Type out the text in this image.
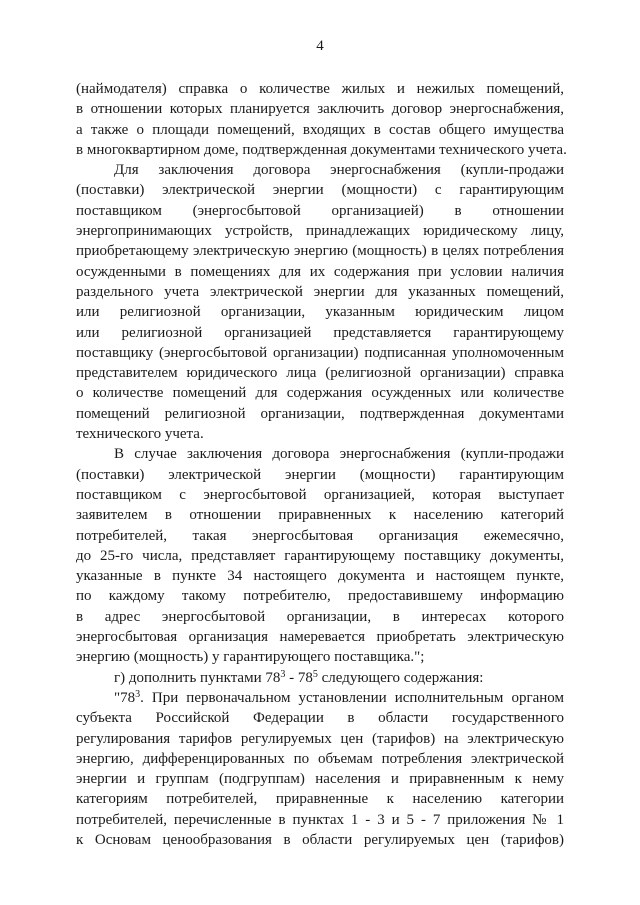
4
(наймодателя) справка о количестве жилых и нежилых помещений,
в отношении которых планируется заключить договор энергоснабжения,
а также о площади помещений, входящих в состав общего имущества
в многоквартирном доме, подтвержденная документами технического учета.
Для заключения договора энергоснабжения (купли-продажи
(поставки) электрической энергии (мощности) с гарантирующим
поставщиком (энергосбытовой организацией) в отношении
энергопринимающих устройств, принадлежащих юридическому лицу,
приобретающему электрическую энергию (мощность) в целях потребления
осужденными в помещениях для их содержания при условии наличия
раздельного учета электрической энергии для указанных помещений,
или религиозной организации, указанным юридическим лицом
или религиозной организацией представляется гарантирующему
поставщику (энергосбытовой организации) подписанная уполномоченным
представителем юридического лица (религиозной организации) справка
о количестве помещений для содержания осужденных или количестве
помещений религиозной организации, подтвержденная документами
технического учета.
В случае заключения договора энергоснабжения (купли-продажи
(поставки) электрической энергии (мощности) гарантирующим
поставщиком с энергосбытовой организацией, которая выступает
заявителем в отношении приравненных к населению категорий
потребителей, такая энергосбытовая организация ежемесячно,
до 25-го числа, представляет гарантирующему поставщику документы,
указанные в пункте 34 настоящего документа и настоящем пункте,
по каждому такому потребителю, предоставившему информацию
в адрес энергосбытовой организации, в интересах которого
энергосбытовая организация намеревается приобретать электрическую
энергию (мощность) у гарантирующего поставщика.";
г) дополнить пунктами $78^3 - 78^5$ следующего содержания:
"$78^3$. При первоначальном установлении исполнительным органом
субъекта Российской Федерации в области государственного
регулирования тарифов регулируемых цен (тарифов) на электрическую
энергию, дифференцированных по объемам потребления электрической
энергии и группам (подгруппам) населения и приравненным к нему
категориям потребителей, приравненные к населению категории
потребителей, перечисленные в пунктах 1 - 3 и 5 - 7 приложения № 1
к Основам ценообразования в области регулируемых цен (тарифов)
